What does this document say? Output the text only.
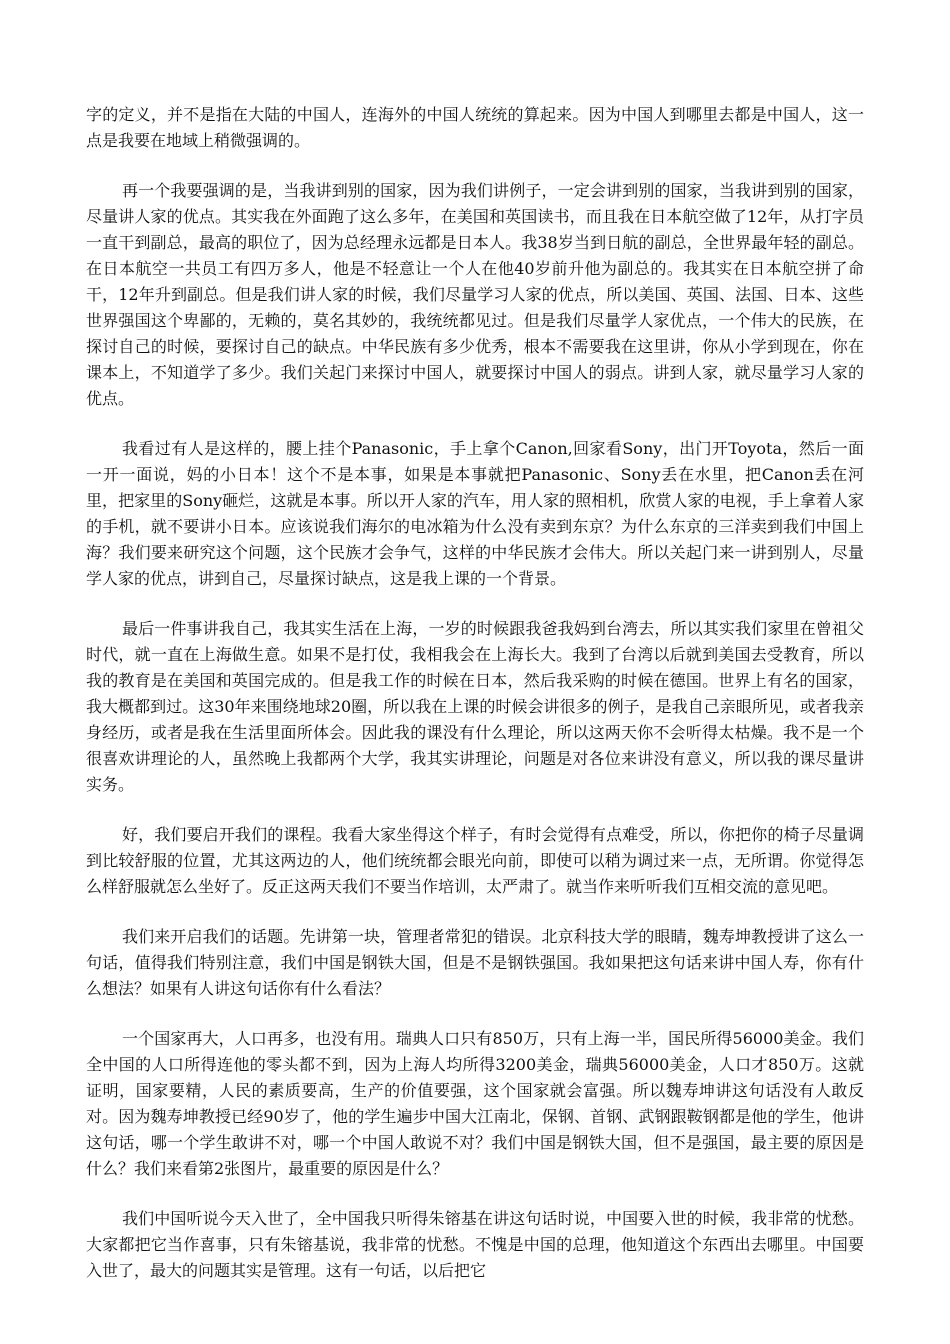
字的定义，并不是指在大陆的中国人，连海外的中国人统统的算起来。因为中国人到哪里去都是中国人，这一点是我要在地域上稍微强调的。

再一个我要强调的是，当我讲到别的国家，因为我们讲例子，一定会讲到别的国家，当我讲到别的国家，尽量讲人家的优点。其实我在外面跑了这么多年，在美国和英国读书，而且我在日本航空做了12年，从打字员一直干到副总，最高的职位了，因为总经理永远都是日本人。我38岁当到日航的副总，全世界最年轻的副总。在日本航空一共员工有四万多人，他是不轻意让一个人在他40岁前升他为副总的。我其实在日本航空拼了命干，12年升到副总。但是我们讲人家的时候，我们尽量学习人家的优点，所以美国、英国、法国、日本、这些世界强国这个卑鄙的，无赖的，莫名其妙的，我统统都见过。但是我们尽量学人家优点，一个伟大的民族，在探讨自己的时候，要探讨自己的缺点。中华民族有多少优秀，根本不需要我在这里讲，你从小学到现在，你在课本上，不知道学了多少。我们关起门来探讨中国人，就要探讨中国人的弱点。讲到人家，就尽量学习人家的优点。

我看过有人是这样的，腰上挂个Panasonic，手上拿个Canon,回家看Sony，出门开Toyota，然后一面一开一面说，妈的小日本！这个不是本事，如果是本事就把Panasonic、Sony丢在水里，把Canon丢在河里，把家里的Sony砸烂，这就是本事。所以开人家的汽车，用人家的照相机，欣赏人家的电视，手上拿着人家的手机，就不要讲小日本。应该说我们海尔的电冰箱为什么没有卖到东京？为什么东京的三洋卖到我们中国上海？我们要来研究这个问题，这个民族才会争气，这样的中华民族才会伟大。所以关起门来一讲到别人，尽量学人家的优点，讲到自己，尽量探讨缺点，这是我上课的一个背景。

最后一件事讲我自己，我其实生活在上海，一岁的时候跟我爸我妈到台湾去，所以其实我们家里在曾祖父时代，就一直在上海做生意。如果不是打仗，我相我会在上海长大。我到了台湾以后就到美国去受教育，所以我的教育是在美国和英国完成的。但是我工作的时候在日本，然后我采购的时候在德国。世界上有名的国家，我大概都到过。这30年来围绕地球20圈，所以我在上课的时候会讲很多的例子，是我自己亲眼所见，或者我亲身经历，或者是我在生活里面所体会。因此我的课没有什么理论，所以这两天你不会听得太枯燥。我不是一个很喜欢讲理论的人，虽然晚上我都两个大学，我其实讲理论，问题是对各位来讲没有意义，所以我的课尽量讲实务。

好，我们要启开我们的课程。我看大家坐得这个样子，有时会觉得有点难受，所以，你把你的椅子尽量调到比较舒服的位置，尤其这两边的人，他们统统都会眼光向前，即使可以稍为调过来一点，无所谓。你觉得怎么样舒服就怎么坐好了。反正这两天我们不要当作培训，太严肃了。就当作来听听我们互相交流的意见吧。

我们来开启我们的话题。先讲第一块，管理者常犯的错误。北京科技大学的眼睛，魏寿坤教授讲了这么一句话，值得我们特别注意，我们中国是钢铁大国，但是不是钢铁强国。我如果把这句话来讲中国人寿，你有什么想法？如果有人讲这句话你有什么看法？

一个国家再大，人口再多，也没有用。瑞典人口只有850万，只有上海一半，国民所得56000美金。我们全中国的人口所得连他的零头都不到，因为上海人均所得3200美金，瑞典56000美金，人口才850万。这就证明，国家要精，人民的素质要高，生产的价值要强，这个国家就会富强。所以魏寿坤讲这句话没有人敢反对。因为魏寿坤教授已经90岁了，他的学生遍步中国大江南北，保钢、首钢、武钢跟鞍钢都是他的学生，他讲这句话，哪一个学生敢讲不对，哪一个中国人敢说不对？我们中国是钢铁大国，但不是强国，最主要的原因是什么？我们来看第2张图片，最重要的原因是什么？

我们中国听说今天入世了，全中国我只听得朱镕基在讲这句话时说，中国要入世的时候，我非常的忧愁。大家都把它当作喜事，只有朱镕基说，我非常的忧愁。不愧是中国的总理，他知道这个东西出去哪里。中国要入世了，最大的问题其实是管理。这有一句话，以后把它
